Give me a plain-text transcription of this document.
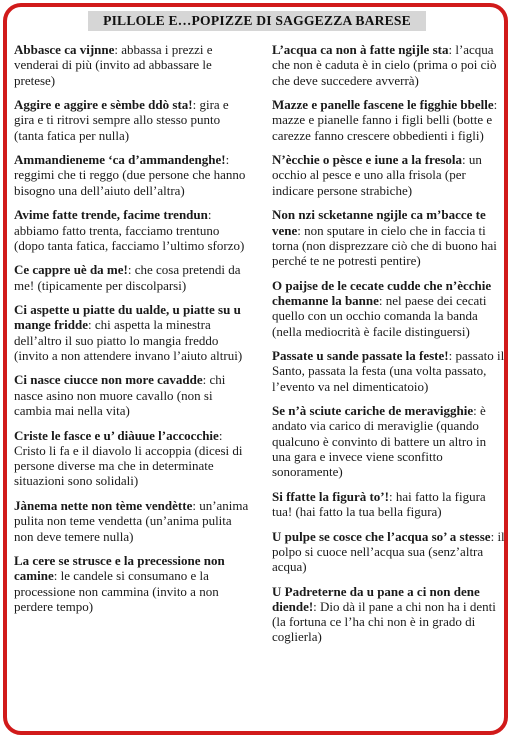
PILLOLE E…POPIZZE DI SAGGEZZA BARESE

Abbasce ca vijnne: abbassa i prezzi e venderai di più (invito ad abbassare le pretese)

Aggire e aggire e sèmbe ddò sta!: gira e gira e ti ritrovi sempre allo stesso punto (tanta fatica per nulla)

Ammandieneme ‘ca d’ammandenghe!: reggimi che ti reggo (due persone che hanno bisogno una dell’aiuto dell’altra)

Avime fatte trende, facime trendun: abbiamo fatto trenta, facciamo trentuno (dopo tanta fatica, facciamo l’ultimo sforzo)

Ce cappre uè da me!: che cosa pretendi da me! (tipicamente per discolparsi)

Ci aspette u piatte du ualde, u piatte su u mange fridde: chi aspetta la minestra dell’altro il suo piatto lo mangia freddo (invito a non attendere invano l’aiuto altrui)

Ci nasce ciucce non more cavadde: chi nasce asino non muore cavallo (non si cambia mai nella vita)

Criste le fasce e u’ diàuue l’accocchie: Cristo li fa e il diavolo li accoppia (dicesi di persone diverse ma che in determinate situazioni sono solidali)

Jànema nette non tème vendètte: un’anima pulita non teme vendetta (un’anima pulita non deve temere nulla)

La cere se strusce e la precessione non camine: le candele si consumano e la processione non cammina (invito a non perdere tempo)

L’acqua ca non à fatte ngijle sta: l’acqua che non è caduta è in cielo (prima o poi ciò che deve succedere avverrà)

Mazze e panelle fascene le figghie bbelle: mazze e pianelle fanno i figli belli (botte e carezze fanno crescere obbedienti i figli)

N’ècchie o pèsce e iune a la fresola: un occhio al pesce e uno alla frisola (per indicare persone strabiche)

Non nzi scketanne ngijle ca m’bacce te vene: non sputare in cielo che in faccia ti torna (non disprezzare ciò che di buono hai perché te ne potresti pentire)

O paijse de le cecate cudde che n’ècchie chemanne la banne: nel paese dei cecati quello con un occhio comanda la banda (nella mediocrità è facile distinguersi)

Passate u sande passate la feste!: passato il Santo, passata la festa (una volta passato, l’evento va nel dimenticatoio)

Se n’à sciute cariche de meravigghie: è andato via carico di meraviglie (quando qualcuno è convinto di battere un altro in una gara e invece viene sconfitto sonoramente)

Si ffatte la figurà to’!: hai fatto la figura tua! (hai fatto la tua bella figura)

U pulpe se cosce che l’acqua so’ a stesse: il polpo si cuoce nell’acqua sua (senz’altra acqua)

U Padreterne da u pane a ci non dene diende!: Dio dà il pane a chi non ha i denti (la fortuna ce l’ha chi non è in grado di coglierla)
